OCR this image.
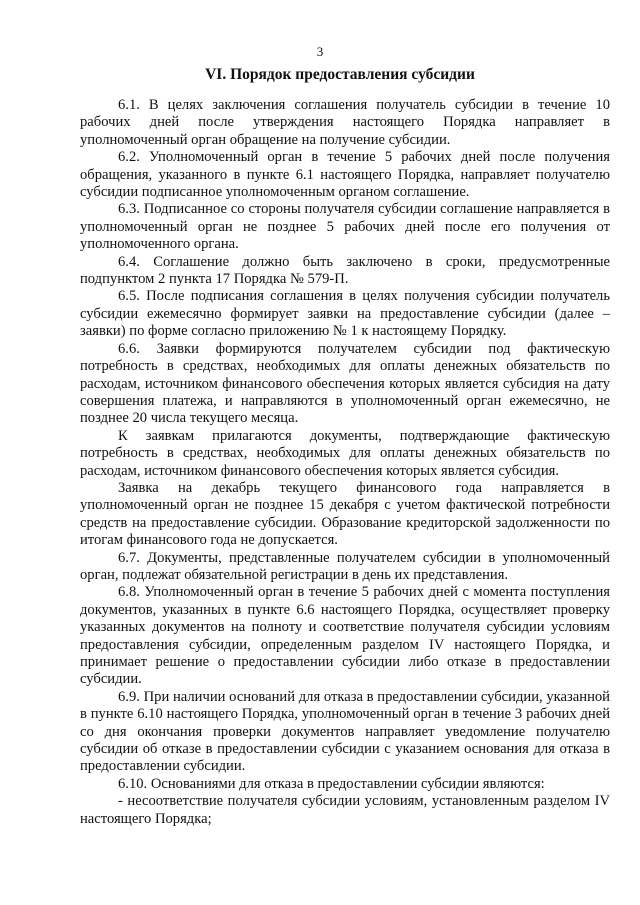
3
VI. Порядок предоставления субсидии

6.1. В целях заключения соглашения получатель субсидии в течение 10 рабочих дней после утверждения настоящего Порядка направляет в уполномоченный орган обращение на получение субсидии.

6.2. Уполномоченный орган в течение 5 рабочих дней после получения обращения, указанного в пункте 6.1 настоящего Порядка, направляет получателю субсидии подписанное уполномоченным органом соглашение.

6.3. Подписанное со стороны получателя субсидии соглашение направляется в уполномоченный орган не позднее 5 рабочих дней после его получения от уполномоченного органа.

6.4. Соглашение должно быть заключено в сроки, предусмотренные подпунктом 2 пункта 17 Порядка № 579-П.

6.5. После подписания соглашения в целях получения субсидии получатель субсидии ежемесячно формирует заявки на предоставление субсидии (далее – заявки) по форме согласно приложению № 1 к настоящему Порядку.

6.6. Заявки формируются получателем субсидии под фактическую потребность в средствах, необходимых для оплаты денежных обязательств по расходам, источником финансового обеспечения которых является субсидия на дату совершения платежа, и направляются в уполномоченный орган ежемесячно, не позднее 20 числа текущего месяца.

К заявкам прилагаются документы, подтверждающие фактическую потребность в средствах, необходимых для оплаты денежных обязательств по расходам, источником финансового обеспечения которых является субсидия.

Заявка на декабрь текущего финансового года направляется в уполномоченный орган не позднее 15 декабря с учетом фактической потребности средств на предоставление субсидии. Образование кредиторской задолженности по итогам финансового года не допускается.

6.7. Документы, представленные получателем субсидии в уполномоченный орган, подлежат обязательной регистрации в день их представления.

6.8. Уполномоченный орган в течение 5 рабочих дней с момента поступления документов, указанных в пункте 6.6 настоящего Порядка, осуществляет проверку указанных документов на полноту и соответствие получателя субсидии условиям предоставления субсидии, определенным разделом IV настоящего Порядка, и принимает решение о предоставлении субсидии либо отказе в предоставлении субсидии.

6.9. При наличии оснований для отказа в предоставлении субсидии, указанной в пункте 6.10 настоящего Порядка, уполномоченный орган в течение 3 рабочих дней со дня окончания проверки документов направляет уведомление получателю субсидии об отказе в предоставлении субсидии с указанием основания для отказа в предоставлении субсидии.

6.10. Основаниями для отказа в предоставлении субсидии являются:

- несоответствие получателя субсидии условиям, установленным разделом IV настоящего Порядка;
